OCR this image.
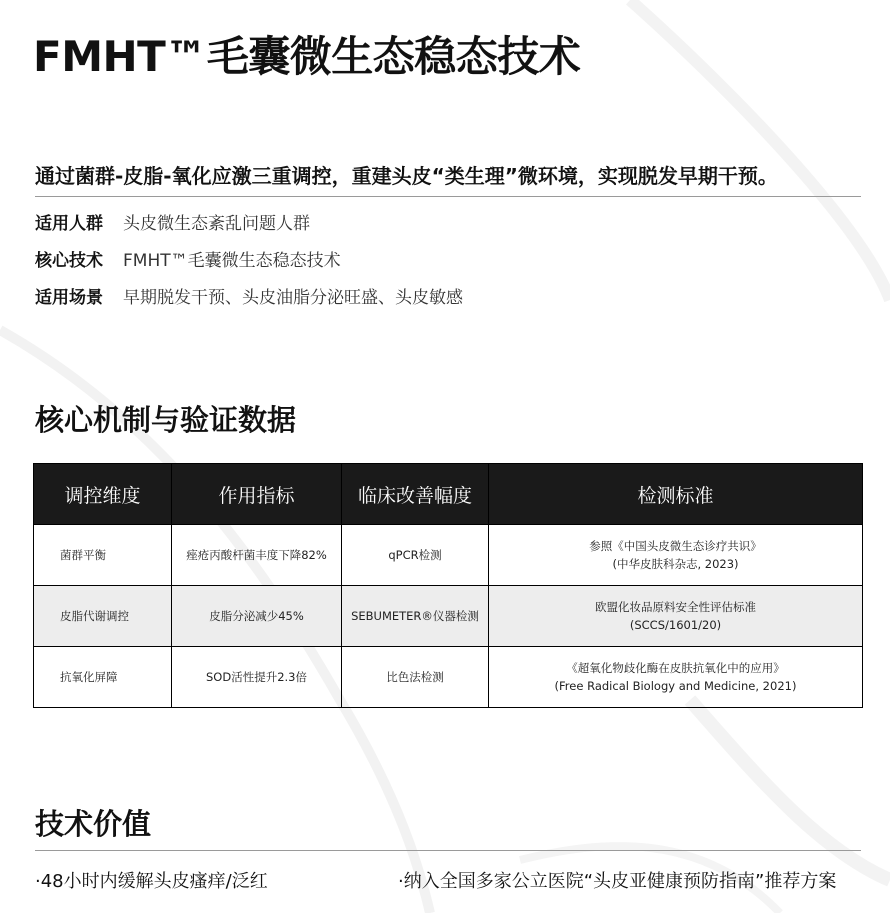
FMHT™毛囊微生态稳态技术
通过菌群-皮脂-氧化应激三重调控，重建头皮“类生理”微环境，实现脱发早期干预。
适用人群 头皮微生态紊乱问题人群
核心技术 FMHT™毛囊微生态稳态技术
适用场景 早期脱发干预、头皮油脂分泌旺盛、头皮敏感
核心机制与验证数据
调控维度	作用指标	临床改善幅度	检测标准
菌群平衡	痤疮丙酸杆菌丰度下降82%	qPCR检测	参照《中国头皮微生态诊疗共识》
(中华皮肤科杂志, 2023)

皮脂代谢调控	皮脂分泌减少45%	SEBUMETER®仪器检测	欧盟化妆品原料安全性评估标准
(SCCS/1601/20)

抗氧化屏障	SOD活性提升2.3倍	比色法检测	《超氧化物歧化酶在皮肤抗氧化中的应用》
(Free Radical Biology and Medicine, 2021)
技术价值
·48小时内缓解头皮瘙痒/泛红	·纳入全国多家公立医院“头皮亚健康预防指南”推荐方案
